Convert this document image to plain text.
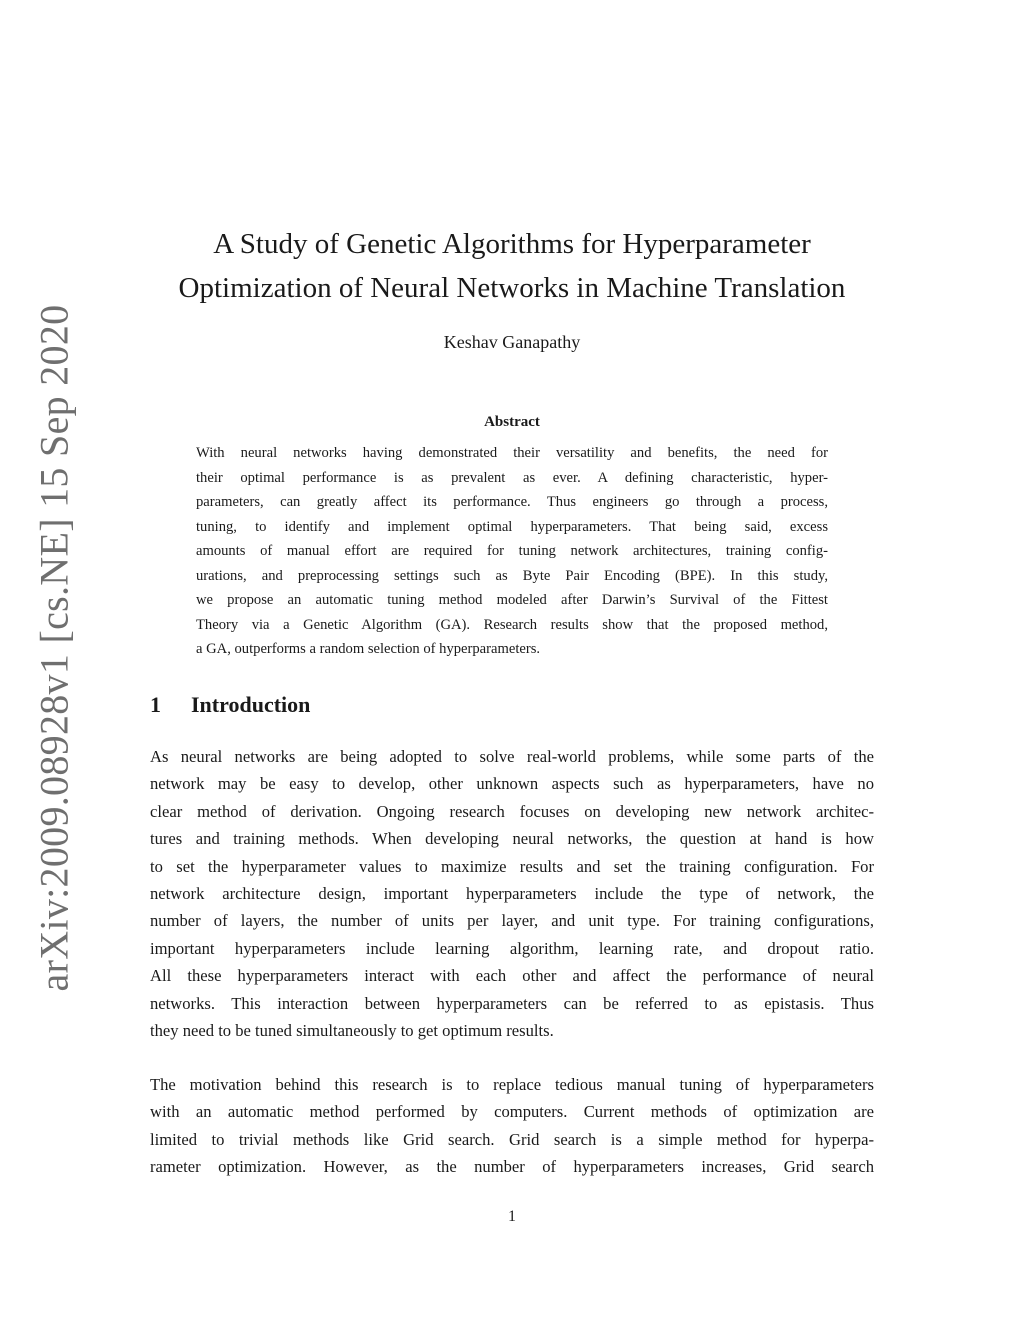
arXiv:2009.08928v1 [cs.NE] 15 Sep 2020
A Study of Genetic Algorithms for Hyperparameter
Optimization of Neural Networks in Machine Translation
Keshav Ganapathy
Abstract
With neural networks having demonstrated their versatility and benefits, the need for
their optimal performance is as prevalent as ever. A defining characteristic, hyper-
parameters, can greatly affect its performance. Thus engineers go through a process,
tuning, to identify and implement optimal hyperparameters. That being said, excess
amounts of manual effort are required for tuning network architectures, training config-
urations, and preprocessing settings such as Byte Pair Encoding (BPE). In this study,
we propose an automatic tuning method modeled after Darwin’s Survival of the Fittest
Theory via a Genetic Algorithm (GA). Research results show that the proposed method,
a GA, outperforms a random selection of hyperparameters.
1 Introduction
As neural networks are being adopted to solve real-world problems, while some parts of the
network may be easy to develop, other unknown aspects such as hyperparameters, have no
clear method of derivation. Ongoing research focuses on developing new network architec-
tures and training methods. When developing neural networks, the question at hand is how
to set the hyperparameter values to maximize results and set the training configuration. For
network architecture design, important hyperparameters include the type of network, the
number of layers, the number of units per layer, and unit type. For training configurations,
important hyperparameters include learning algorithm, learning rate, and dropout ratio.
All these hyperparameters interact with each other and affect the performance of neural
networks. This interaction between hyperparameters can be referred to as epistasis. Thus
they need to be tuned simultaneously to get optimum results.
The motivation behind this research is to replace tedious manual tuning of hyperparameters
with an automatic method performed by computers. Current methods of optimization are
limited to trivial methods like Grid search. Grid search is a simple method for hyperpa-
rameter optimization. However, as the number of hyperparameters increases, Grid search
1
